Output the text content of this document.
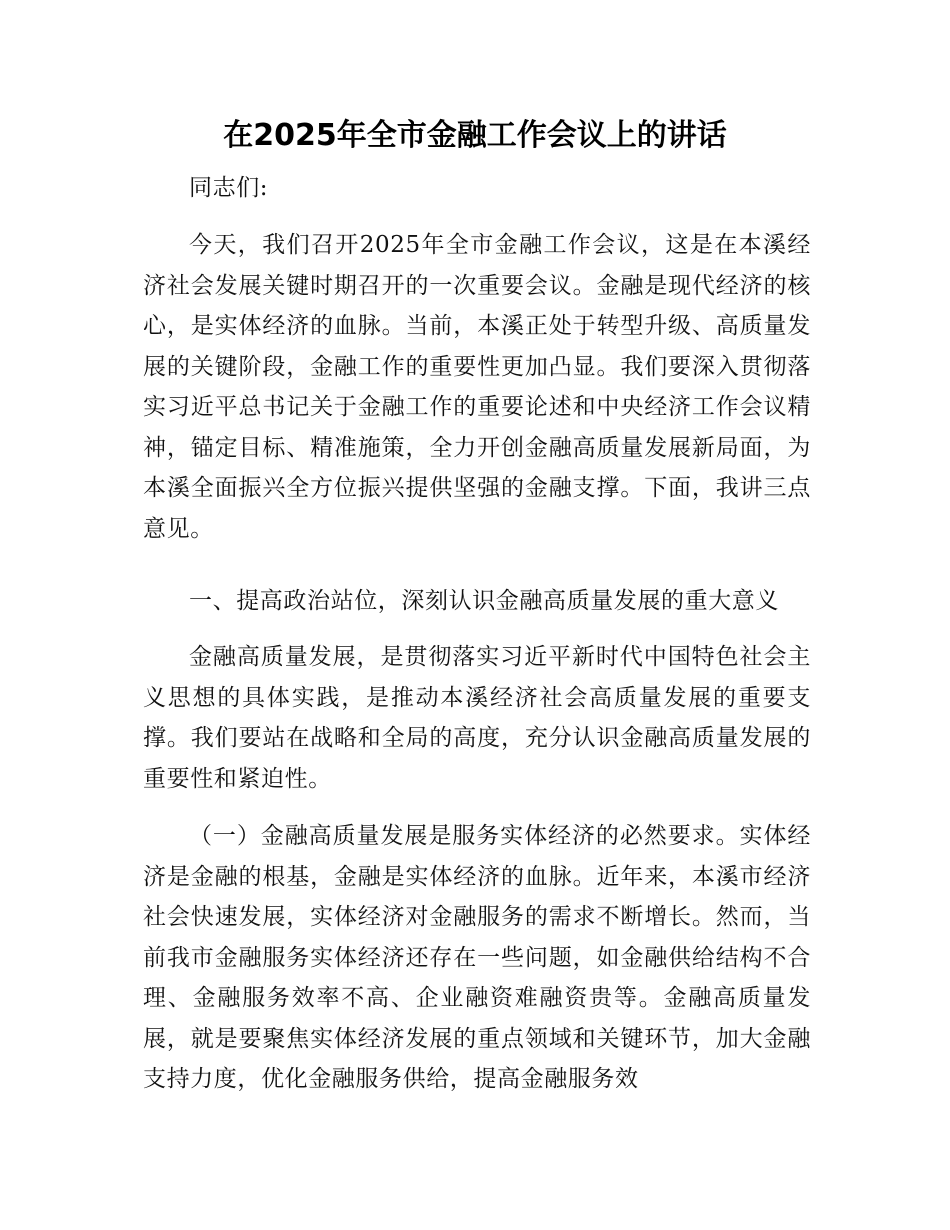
在2025年全市金融工作会议上的讲话

同志们:

今天，我们召开2025年全市金融工作会议，这是在本溪经济社会发展关键时期召开的一次重要会议。金融是现代经济的核心，是实体经济的血脉。当前，本溪正处于转型升级、高质量发展的关键阶段，金融工作的重要性更加凸显。我们要深入贯彻落实习近平总书记关于金融工作的重要论述和中央经济工作会议精神，锚定目标、精准施策，全力开创金融高质量发展新局面，为本溪全面振兴全方位振兴提供坚强的金融支撑。下面，我讲三点意见。

一、提高政治站位，深刻认识金融高质量发展的重大意义

金融高质量发展，是贯彻落实习近平新时代中国特色社会主义思想的具体实践，是推动本溪经济社会高质量发展的重要支撑。我们要站在战略和全局的高度，充分认识金融高质量发展的重要性和紧迫性。

（一）金融高质量发展是服务实体经济的必然要求。实体经济是金融的根基，金融是实体经济的血脉。近年来，本溪市经济社会快速发展，实体经济对金融服务的需求不断增长。然而，当前我市金融服务实体经济还存在一些问题，如金融供给结构不合理、金融服务效率不高、企业融资难融资贵等。金融高质量发展，就是要聚焦实体经济发展的重点领域和关键环节，加大金融支持力度，优化金融服务供给，提高金融服务效
